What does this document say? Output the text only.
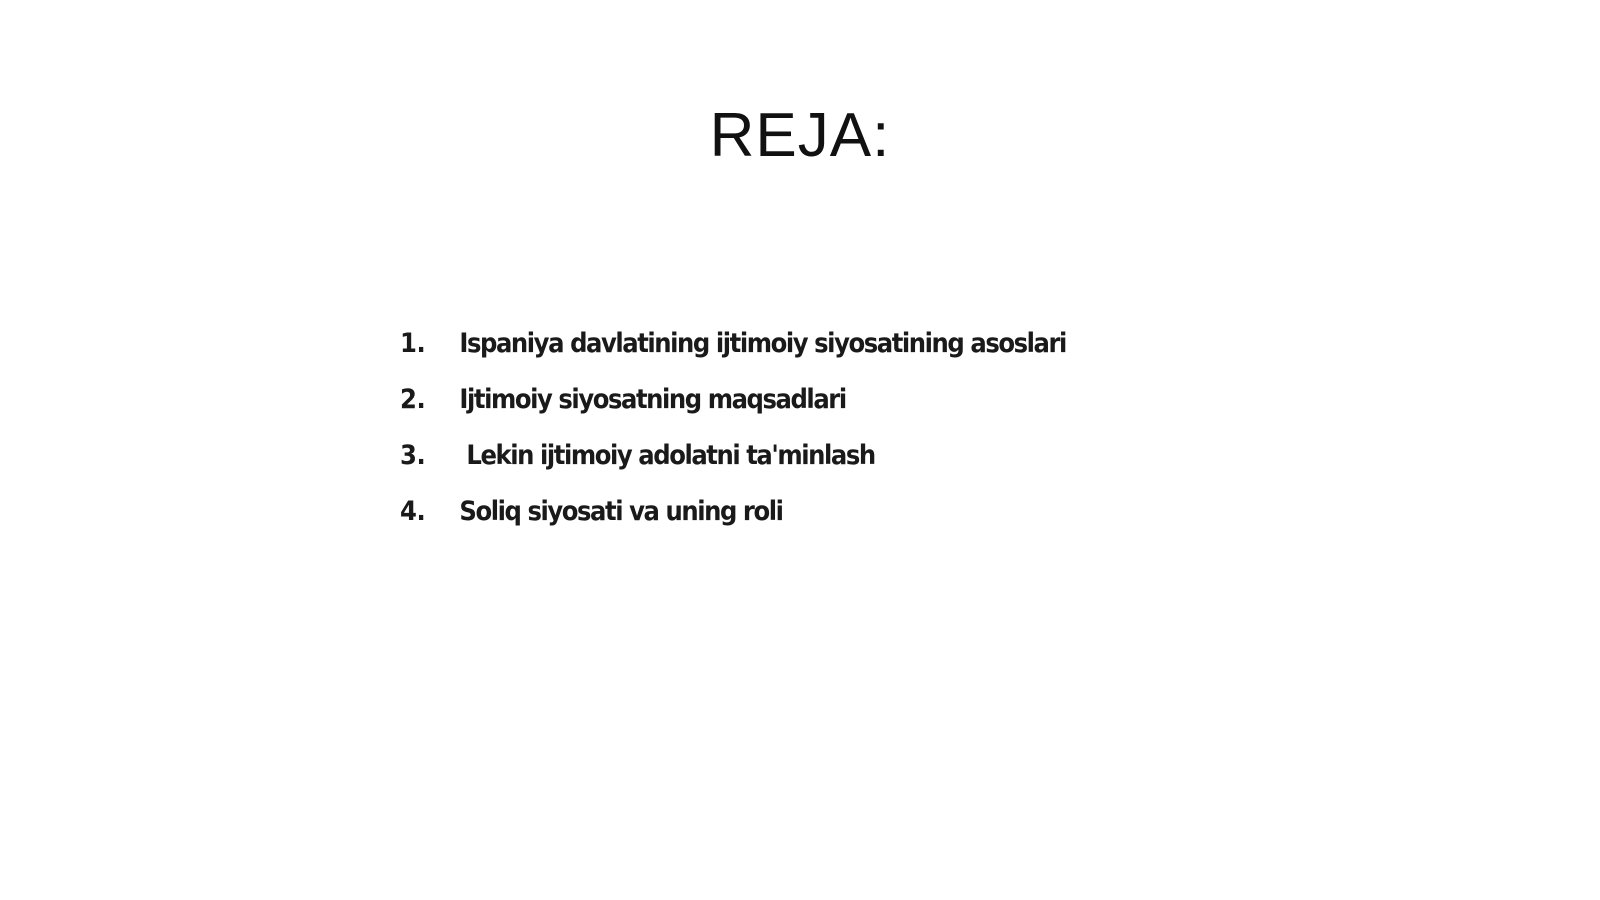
REJA:
1.	Ispaniya davlatining ijtimoiy siyosatining asoslari
2.	Ijtimoiy siyosatning maqsadlari
3.	Lekin ijtimoiy adolatni ta'minlash
4.	Soliq siyosati va uning roli
